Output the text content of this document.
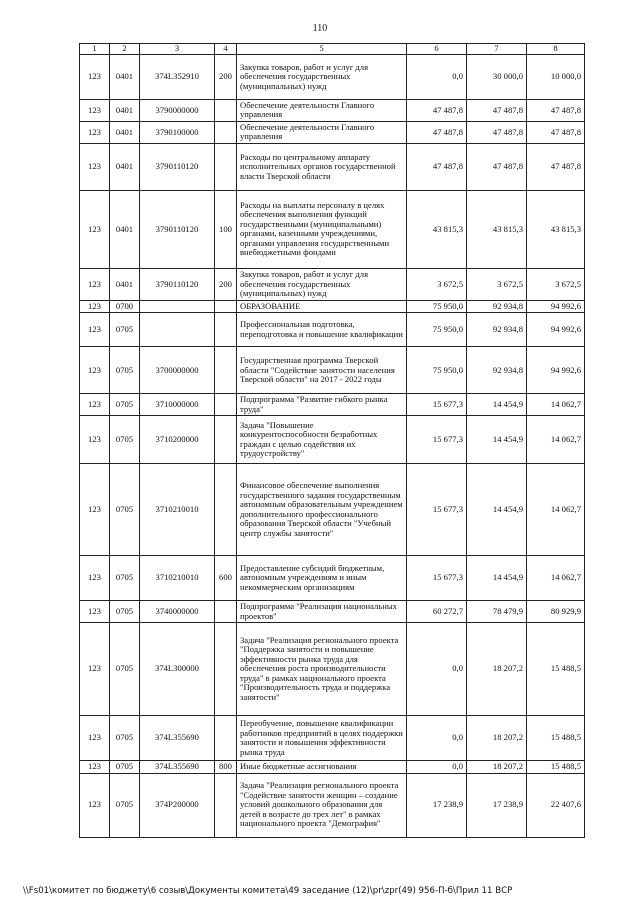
110
1	2	3	4	5	6	7	8
123	0401	374L352910	200	Закупка товаров, работ и услуг для обеспечения государственных (муниципальных) нужд	0,0	30 000,0	10 000,0
123	0401	3790000000		Обеспечение деятельности Главного управления	47 487,8	47 487,8	47 487,8
123	0401	3790100000		Обеспечение деятельности Главного управления	47 487,8	47 487,8	47 487,8
123	0401	3790110120		Расходы по центральному аппарату исполнительных органов государственной власти Тверской области	47 487,8	47 487,8	47 487,8
123	0401	3790110120	100	Расходы на выплаты персоналу в целях обеспечения выполнения функций государственными (муниципальными) органами, казенными учреждениями, органами управления государственными внебюджетными фондами	43 815,3	43 815,3	43 815,3
123	0401	3790110120	200	Закупка товаров, работ и услуг для обеспечения государственных (муниципальных) нужд	3 672,5	3 672,5	3 672,5
123	0700			ОБРАЗОВАНИЕ	75 950,0	92 934,8	94 992,6
123	0705			Профессиональная подготовка, переподготовка и повышение квалификации	75 950,0	92 934,8	94 992,6
123	0705	3700000000		Государственная программа Тверской области "Содействие занятости населения Тверской области" на 2017 - 2022 годы	75 950,0	92 934,8	94 992,6
123	0705	3710000000		Подпрограмма "Развитие гибкого рынка труда"	15 677,3	14 454,9	14 062,7
123	0705	3710200000		Задача "Повышение конкурентоспособности безработных граждан с целью содействия их трудоустройству"	15 677,3	14 454,9	14 062,7
123	0705	3710210010		Финансовое обеспечение выполнения государственного задания государственным автономным образовательным учреждением дополнительного профессионального образования Тверской области "Учебный центр службы занятости"	15 677,3	14 454,9	14 062,7
123	0705	3710210010	600	Предоставление субсидий бюджетным, автономным учреждениям и иным некоммерческим организациям	15 677,3	14 454,9	14 062,7
123	0705	3740000000		Подпрограмма "Реализация национальных проектов"	60 272,7	78 479,9	80 929,9
123	0705	374L300000		Задача "Реализация регионального проекта "Поддержка занятости и повышение эффективности рынка труда для обеспечения роста производительности труда" в рамках национального проекта "Производительность труда и поддержка занятости"	0,0	18 207,2	15 488,5
123	0705	374L355690		Переобучение, повышение квалификации работников предприятий в целях поддержки занятости и повышения эффективности рынка труда	0,0	18 207,2	15 488,5
123	0705	374L355690	800	Иные бюджетные ассигнования	0,0	18 207,2	15 488,5
123	0705	374P200000		Задача "Реализация регионального проекта "Содействие занятости женщин – создание условий дошкольного образования для детей в возрасте до трех лет" в рамках национального проекта "Демография"	17 238,9	17 238,9	22 407,6
\\Fs01\комитет по бюджету\6 созыв\Документы комитета\49 заседание (12)\pr\zpr(49) 956-П-б\Прил 11 ВСР
